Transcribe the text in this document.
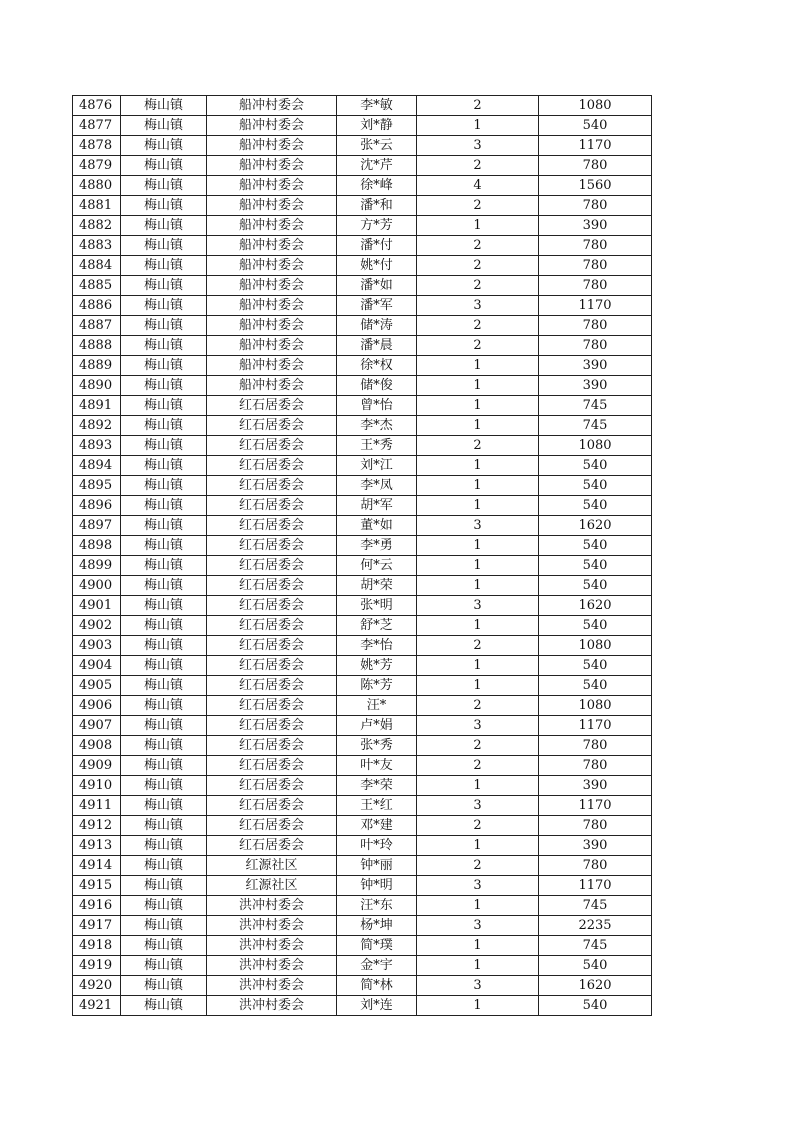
4876	梅山镇	船冲村委会	李*敏	2	1080
4877	梅山镇	船冲村委会	刘*静	1	540
4878	梅山镇	船冲村委会	张*云	3	1170
4879	梅山镇	船冲村委会	沈*芹	2	780
4880	梅山镇	船冲村委会	徐*峰	4	1560
4881	梅山镇	船冲村委会	潘*和	2	780
4882	梅山镇	船冲村委会	方*芳	1	390
4883	梅山镇	船冲村委会	潘*付	2	780
4884	梅山镇	船冲村委会	姚*付	2	780
4885	梅山镇	船冲村委会	潘*如	2	780
4886	梅山镇	船冲村委会	潘*军	3	1170
4887	梅山镇	船冲村委会	储*涛	2	780
4888	梅山镇	船冲村委会	潘*晨	2	780
4889	梅山镇	船冲村委会	徐*权	1	390
4890	梅山镇	船冲村委会	储*俊	1	390
4891	梅山镇	红石居委会	曾*怡	1	745
4892	梅山镇	红石居委会	李*杰	1	745
4893	梅山镇	红石居委会	王*秀	2	1080
4894	梅山镇	红石居委会	刘*江	1	540
4895	梅山镇	红石居委会	李*凤	1	540
4896	梅山镇	红石居委会	胡*军	1	540
4897	梅山镇	红石居委会	董*如	3	1620
4898	梅山镇	红石居委会	李*勇	1	540
4899	梅山镇	红石居委会	何*云	1	540
4900	梅山镇	红石居委会	胡*荣	1	540
4901	梅山镇	红石居委会	张*明	3	1620
4902	梅山镇	红石居委会	舒*芝	1	540
4903	梅山镇	红石居委会	李*怡	2	1080
4904	梅山镇	红石居委会	姚*芳	1	540
4905	梅山镇	红石居委会	陈*芳	1	540
4906	梅山镇	红石居委会	汪*	2	1080
4907	梅山镇	红石居委会	卢*娟	3	1170
4908	梅山镇	红石居委会	张*秀	2	780
4909	梅山镇	红石居委会	叶*友	2	780
4910	梅山镇	红石居委会	李*荣	1	390
4911	梅山镇	红石居委会	王*红	3	1170
4912	梅山镇	红石居委会	邓*建	2	780
4913	梅山镇	红石居委会	叶*玲	1	390
4914	梅山镇	红源社区	钟*丽	2	780
4915	梅山镇	红源社区	钟*明	3	1170
4916	梅山镇	洪冲村委会	汪*东	1	745
4917	梅山镇	洪冲村委会	杨*坤	3	2235
4918	梅山镇	洪冲村委会	简*璞	1	745
4919	梅山镇	洪冲村委会	金*宇	1	540
4920	梅山镇	洪冲村委会	简*林	3	1620
4921	梅山镇	洪冲村委会	刘*连	1	540
